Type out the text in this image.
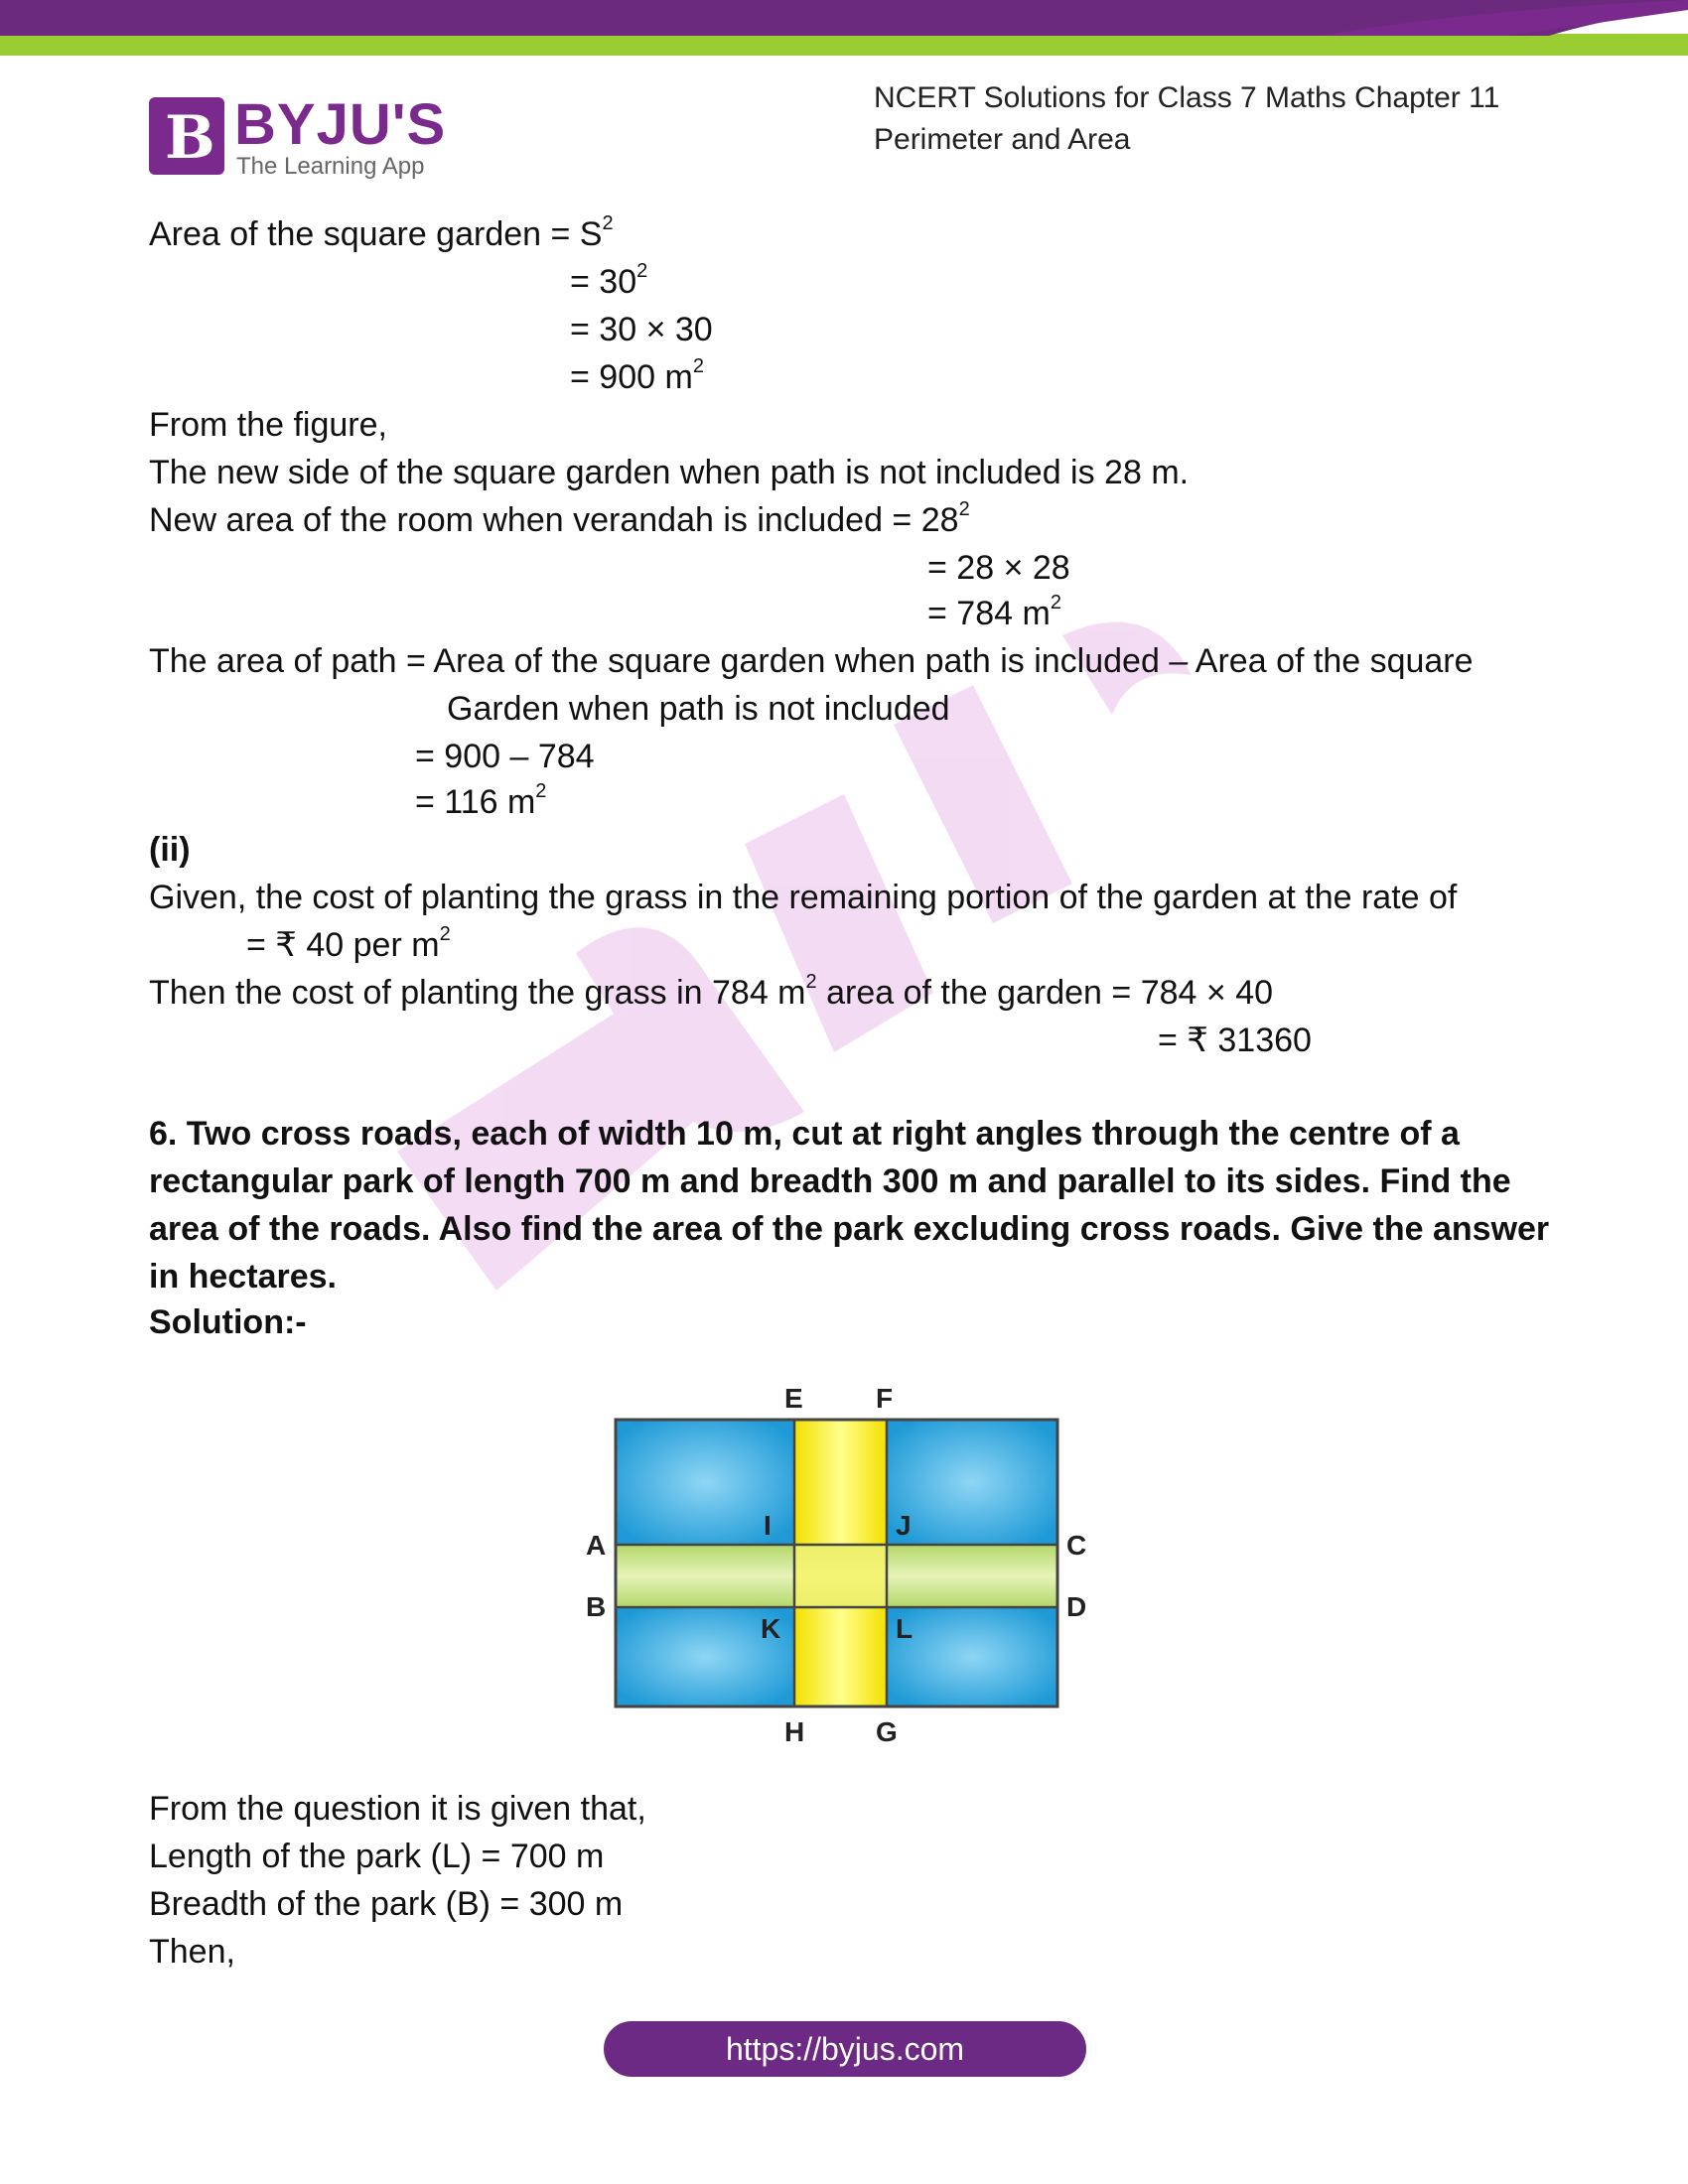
B BYJU'S
The Learning App
NCERT Solutions for Class 7 Maths Chapter 11
Perimeter and Area
Area of the square garden = $S^2$
= $30^2$
= 30 × 30
= 900 $m^2$
From the figure,
The new side of the square garden when path is not included is 28 m.
New area of the room when verandah is included = $28^2$
= 28 × 28
= 784 $m^2$
The area of path = Area of the square garden when path is included – Area of the square
Garden when path is not included
= 900 – 784
= 116 $m^2$
(ii)
Given, the cost of planting the grass in the remaining portion of the garden at the rate of
= ₹ 40 per $m^2$
Then the cost of planting the grass in 784 $m^2$ area of the garden = 784 × 40
= ₹ 31360
6. Two cross roads, each of width 10 m, cut at right angles through the centre of a
rectangular park of length 700 m and breadth 300 m and parallel to its sides. Find the
area of the roads. Also find the area of the park excluding cross roads. Give the answer
in hectares.
Solution:-
E	F
A
B
C
D
I	J
K	L
H	G
From the question it is given that,
Length of the park (L) = 700 m
Breadth of the park (B) = 300 m
Then,
https://byjus.com
